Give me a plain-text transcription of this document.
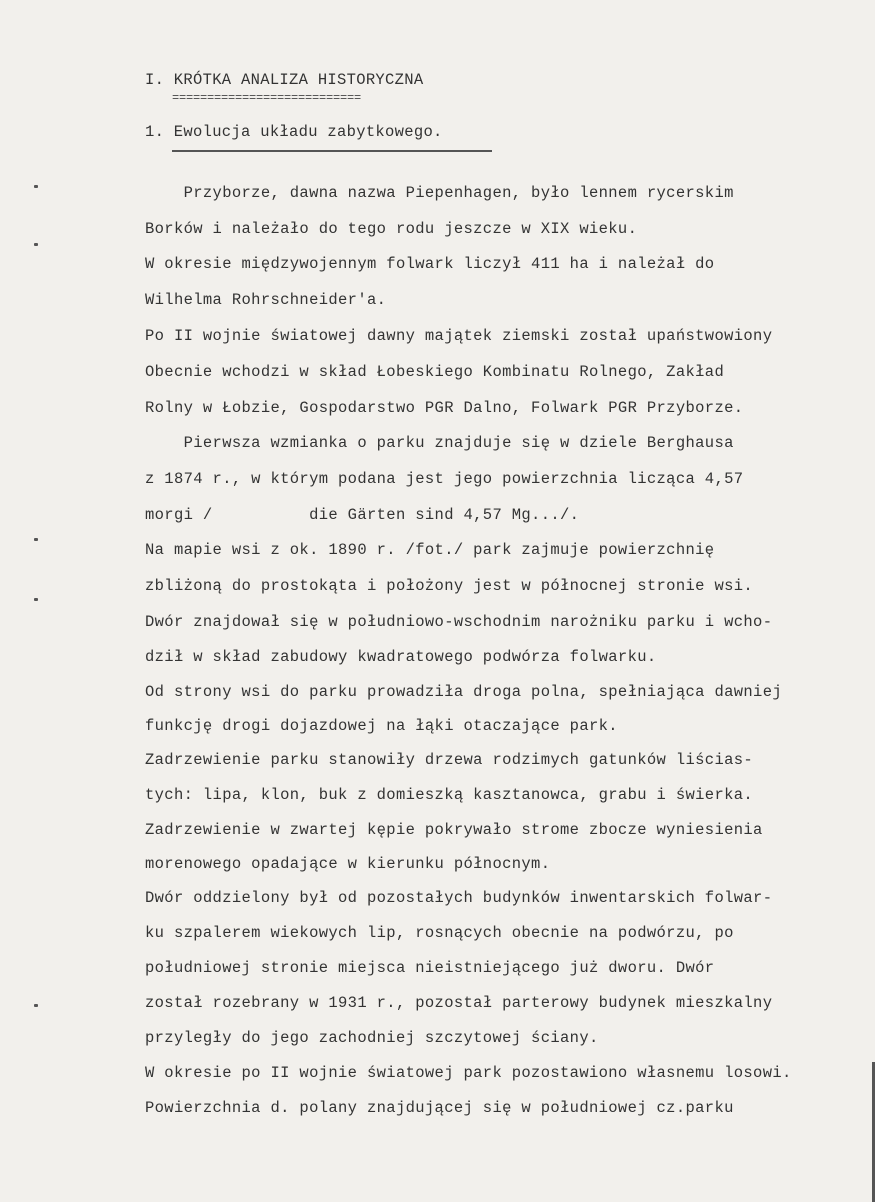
I. KRÓTKA ANALIZA HISTORYCZNA
===========================
1. Ewolucja układu zabytkowego.
Przyborze, dawna nazwa Piepenhagen, było lennem rycerskim
Borków i należało do tego rodu jeszcze w XIX wieku.
W okresie międzywojennym folwark liczył 411 ha i należał do
Wilhelma Rohrschneider'a.
Po II wojnie światowej dawny majątek ziemski został upaństwowiony
Obecnie wchodzi w skład Łobeskiego Kombinatu Rolnego, Zakład
Rolny w Łobzie, Gospodarstwo PGR Dalno, Folwark PGR Przyborze.
Pierwsza wzmianka o parku znajduje się w dziele Berghausa
z 1874 r., w którym podana jest jego powierzchnia licząca 4,57
morgi /          die Gärten sind 4,57 Mg.../.
Na mapie wsi z ok. 1890 r. /fot./ park zajmuje powierzchnię
zbliżoną do prostokąta i położony jest w północnej stronie wsi.
Dwór znajdował się w południowo-wschodnim narożniku parku i wcho-
dził w skład zabudowy kwadratowego podwórza folwarku.
Od strony wsi do parku prowadziła droga polna, spełniająca dawniej
funkcję drogi dojazdowej na łąki otaczające park.
Zadrzewienie parku stanowiły drzewa rodzimych gatunków liścias-
tych: lipa, klon, buk z domieszką kasztanowca, grabu i świerka.
Zadrzewienie w zwartej kępie pokrywało strome zbocze wyniesienia
morenowego opadające w kierunku północnym.
Dwór oddzielony był od pozostałych budynków inwentarskich folwar-
ku szpalerem wiekowych lip, rosnących obecnie na podwórzu, po
południowej stronie miejsca nieistniejącego już dworu. Dwór
został rozebrany w 1931 r., pozostał parterowy budynek mieszkalny
przyległy do jego zachodniej szczytowej ściany.
W okresie po II wojnie światowej park pozostawiono własnemu losowi.
Powierzchnia d. polany znajdującej się w południowej cz.parku
